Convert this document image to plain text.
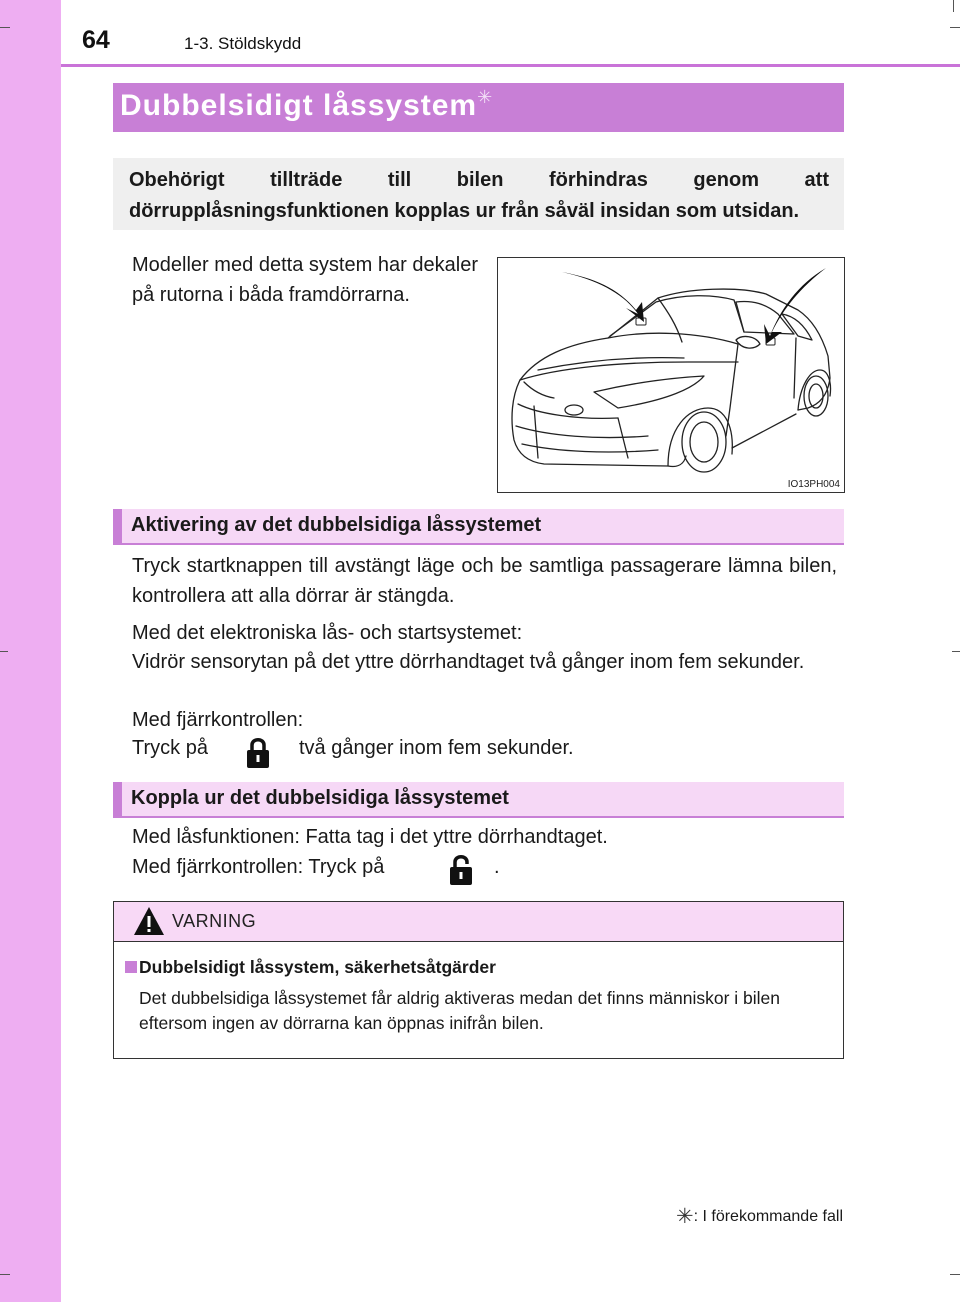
64	1-3. Stöldskydd
Dubbelsidigt låssystem✳
Obehörigt tillträde till bilen förhindras genom att dörrupplåsningsfunktionen kopplas ur från såväl insidan som utsidan.
Modeller med detta system har dekaler på rutorna i båda framdörrarna.
IO13PH004
Aktivering av det dubbelsidiga låssystemet
Tryck startknappen till avstängt läge och be samtliga passagerare lämna bilen, kontrollera att alla dörrar är stängda.
Med det elektroniska lås- och startsystemet:
Vidrör sensorytan på det yttre dörrhandtaget två gånger inom fem sekunder.
Med fjärrkontrollen:
Tryck på	två gånger inom fem sekunder.
Koppla ur det dubbelsidiga låssystemet
Med låsfunktionen: Fatta tag i det yttre dörrhandtaget.
Med fjärrkontrollen: Tryck på	.
VARNING
Dubbelsidigt låssystem, säkerhetsåtgärder
Det dubbelsidiga låssystemet får aldrig aktiveras medan det finns människor i bilen eftersom ingen av dörrarna kan öppnas inifrån bilen.
✳: I förekommande fall
